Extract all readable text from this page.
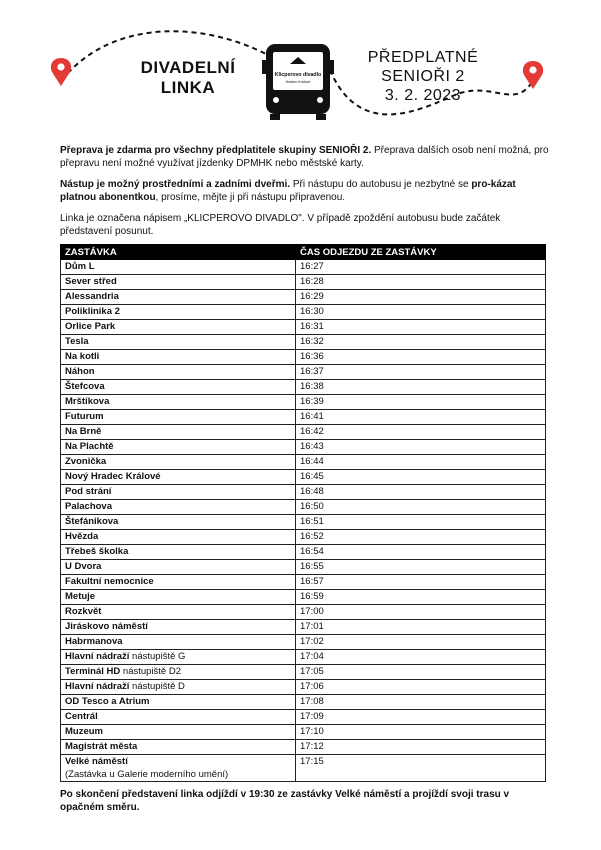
Klicperovo divadlo
Hradec Králové
DIVADELNÍ
LINKA
PŘEDPLATNÉ
SENIOŘI 2
3. 2. 2023

Přeprava je zdarma pro všechny předplatitele skupiny SENIOŘI 2. Přeprava dalších osob není možná, pro přepravu není možné využívat jízdenky DPMHK nebo městské karty.

Nástup je možný prostředními a zadními dveřmi. Při nástupu do autobusu je nezbytné se pro-kázat platnou abonentkou, prosíme, mějte ji při nástupu připravenou.

Linka je označena nápisem „KLICPEROVO DIVADLO". V případě zpoždění autobusu bude začátek představení posunut.

ZASTÁVKA	ČAS ODJEZDU ZE ZASTÁVKY
Dům L	16:27
Sever střed	16:28
Alessandria	16:29
Poliklinika 2	16:30
Orlice Park	16:31
Tesla	16:32
Na kotli	16:36
Náhon	16:37
Štefcova	16:38
Mrštíkova	16:39
Futurum	16:41
Na Brně	16:42
Na Plachtě	16:43
Zvonička	16:44
Nový Hradec Králové	16:45
Pod strání	16:48
Palachova	16:50
Štefánikova	16:51
Hvězda	16:52
Třebeš školka	16:54
U Dvora	16:55
Fakultní nemocnice	16:57
Metuje	16:59
Rozkvět	17:00
Jiráskovo náměstí	17:01
Habrmanova	17:02
Hlavní nádraží nástupiště G	17:04
Terminál HD nástupiště D2	17:05
Hlavní nádraží nástupiště D	17:06
OD Tesco a Atrium	17:08
Centrál	17:09
Muzeum	17:10
Magistrát města	17:12
Velké náměstí
(Zastávka u Galerie moderního umění)	17:15
Po skončení představení linka odjíždí v 19:30 ze zastávky Velké náměstí a projíždí svoji trasu v opačném směru.
